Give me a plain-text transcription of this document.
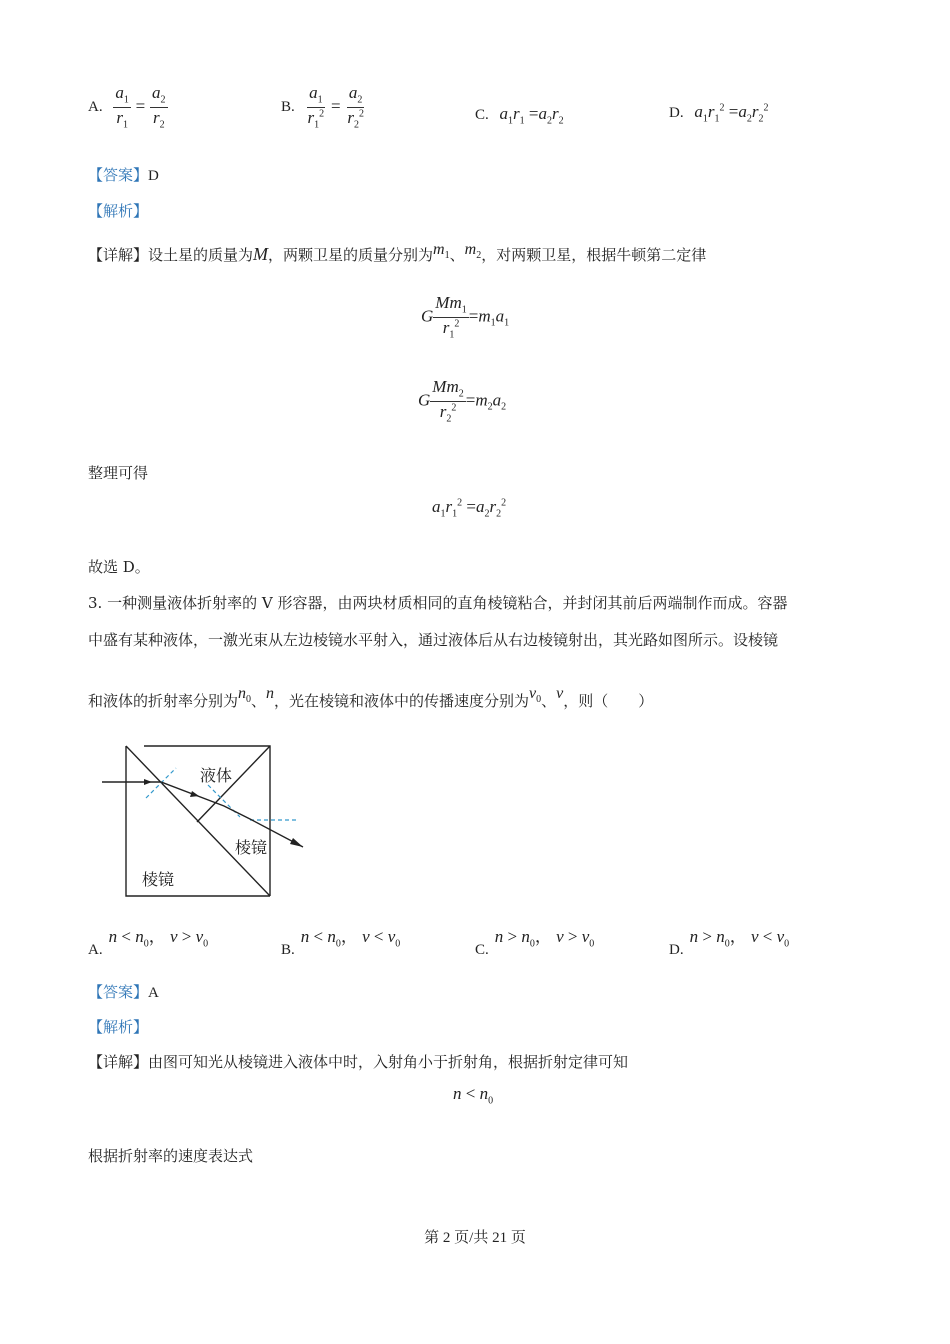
A. $\frac{a_1}{r_1} = \frac{a_2}{r_2}$	B. $\frac{a_1}{r_1^2} = \frac{a_2}{r_2^2}$	C. $a_1r_1 =a_2r_2$	D. $a_1r_1^2 =a_2r_2^2$
【答案】D
【解析】
【详解】设土星的质量为M，两颗卫星的质量分别为$m_1$、$m_2$，对两颗卫星，根据牛顿第二定律
G $\frac{Mm_1}{r_1^2} =m_1a_1$
G $\frac{Mm_2}{r_2^2} =m_2a_2$
整理可得
$a_1r_1^2 =a_2r_2^2$
故选 D。
3. 一种测量液体折射率的 V 形容器，由两块材质相同的直角棱镜粘合，并封闭其前后两端制作而成。容器
中盛有某种液体，一激光束从左边棱镜水平射入，通过液体后从右边棱镜射出，其光路如图所示。设棱镜
和液体的折射率分别为$n_0$、n，光在棱镜和液体中的传播速度分别为$v_0$、v，则（　　）
液体
棱镜
棱镜
$A.n < n_0$， $v > v_0$	$B.n < n_0$， $v < v_0$	$C.n > n_0$， $v > v_0$	$D.n > n_0$， $v < v_0$
【答案】A
【解析】
【详解】由图可知光从棱镜进入液体中时，入射角小于折射角，根据折射定律可知
$n < n_0$
根据折射率的速度表达式
第 2 页/共 21 页
